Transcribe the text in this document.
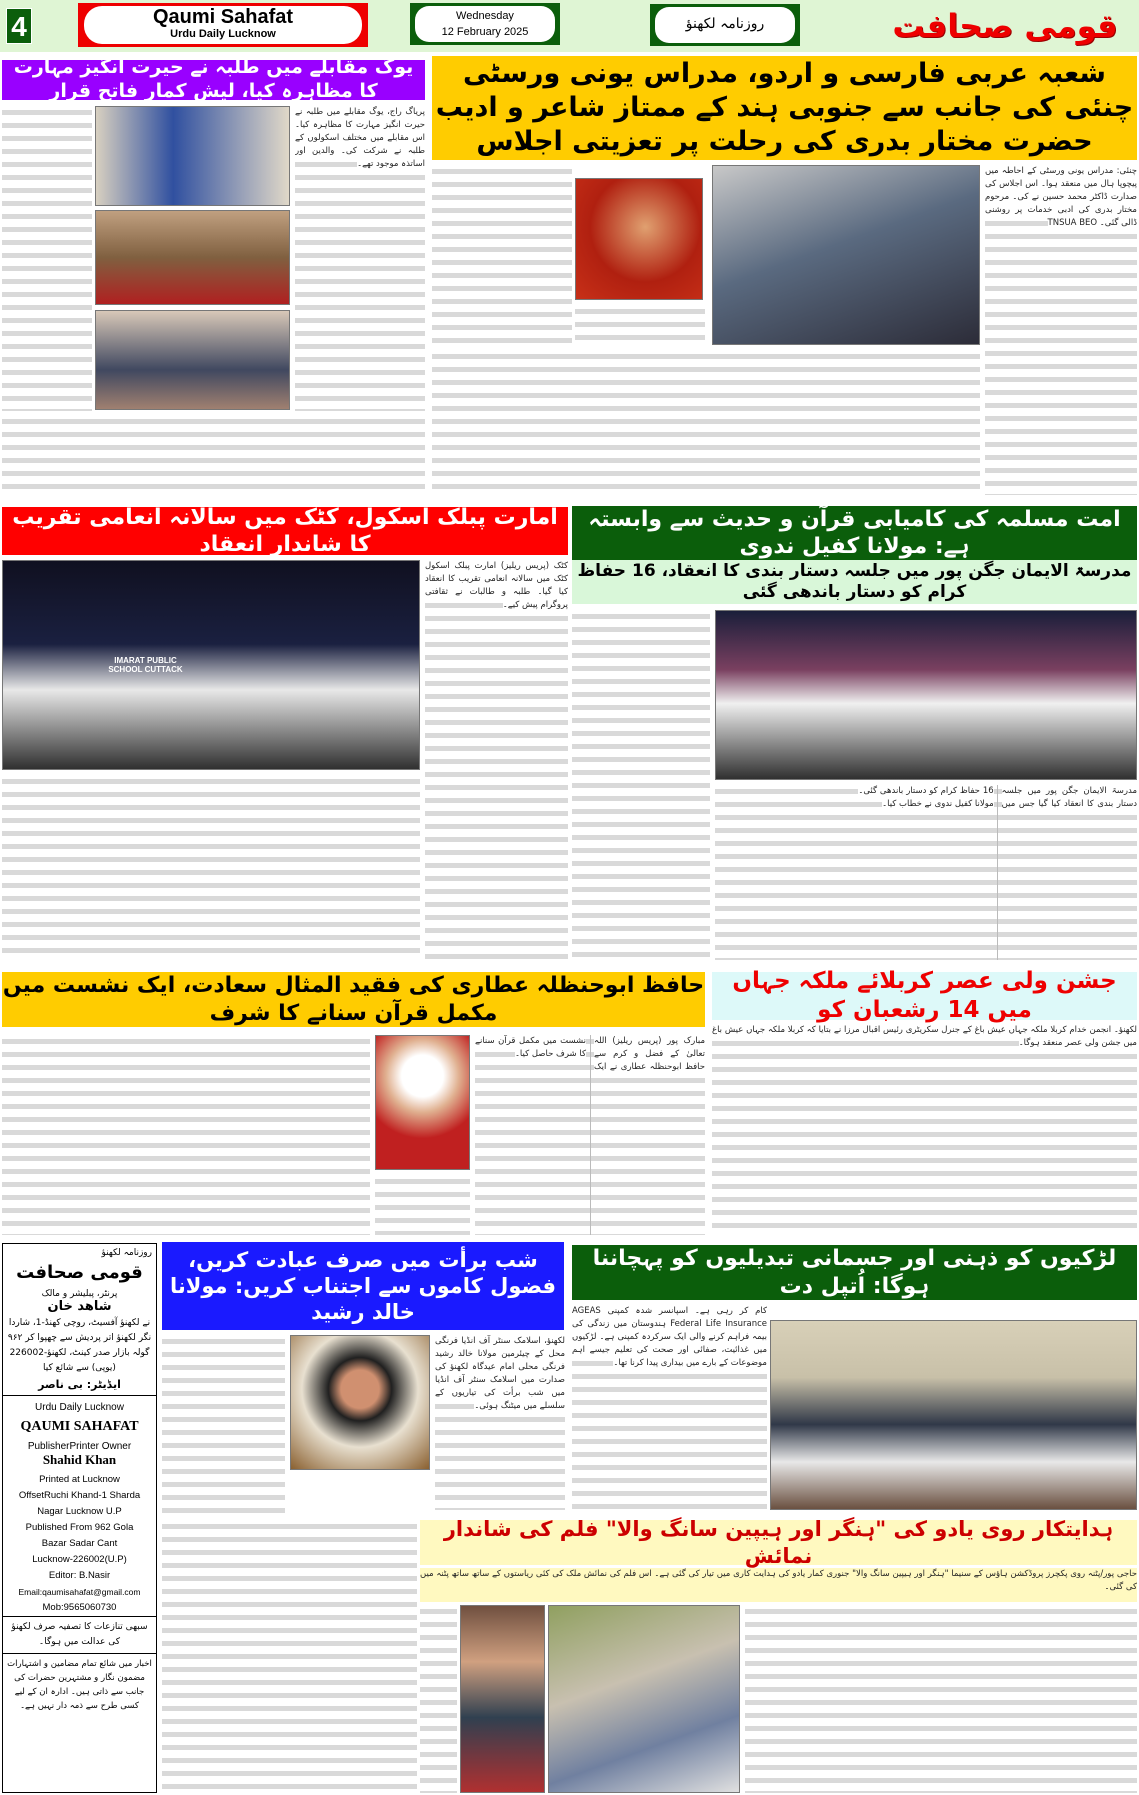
4	Qaumi Sahafat
Urdu Daily Lucknow
Wednesday
12 February 2025	روزنامہ لکھنؤ	قومی صحافت
شعبہ عربی فارسی و اردو، مدراس یونی ورسٹی چنئی کی جانب سے جنوبی ہند کے ممتاز شاعر و ادیب حضرت مختار بدری کی رحلت پر تعزیتی اجلاس
چنئی: مدراس یونی ورسٹی کے احاطہ میں پیچوپا ہال میں منعقد ہوا۔ اس اجلاس کی صدارت ڈاکٹر محمد حسین نے کی۔ مرحوم مختار بدری کی ادبی خدمات پر روشنی ڈالی گئی۔ TNSUA BEO
یوگ مقابلے میں طلبہ نے حیرت انگیز مہارت کا مظاہرہ کیا، لیش کمار فاتح قرار
پریاگ راج، یوگ مقابلے میں طلبہ نے حیرت انگیز مہارت کا مظاہرہ کیا۔ اس مقابلے میں مختلف اسکولوں کے طلبہ نے شرکت کی۔ والدین اور اساتذہ موجود تھے۔
امت مسلمہ کی کامیابی قرآن و حدیث سے وابستہ ہے: مولانا کفیل ندوی
مدرسۃ الایمان جگن پور میں جلسہ دستار بندی کا انعقاد، 16 حفاظ کرام کو دستار باندھی گئی
مدرسۃ الایمان جگن پور میں جلسہ دستار بندی کا انعقاد کیا گیا جس میں 16 حفاظ کرام کو دستار باندھی گئی۔ مولانا کفیل ندوی نے خطاب کیا۔
امارت پبلک اسکول، کٹک میں سالانہ انعامی تقریب کا شاندار انعقاد
IMARAT PUBLIC SCHOOL CUTTACK
کٹک (پریس ریلیز) امارت پبلک اسکول کٹک میں سالانہ انعامی تقریب کا انعقاد کیا گیا۔ طلبہ و طالبات نے ثقافتی پروگرام پیش کیے۔
جشن ولی عصر کربلائے ملکہ جہاں میں 14 رشعبان کو
لکھنؤ۔ انجمن خدام کربلا ملکہ جہاں عیش باغ کے جنرل سکریٹری رئیس اقبال مرزا نے بتایا کہ کربلا ملکہ جہاں عیش باغ میں جشن ولی عصر منعقد ہوگا۔
حافظ ابوحنظلہ عطاری کی فقید المثال سعادت، ایک نشست میں مکمل قرآن سنانے کا شرف
مبارک پور (پریس ریلیز) اللہ تعالیٰ کے فضل و کرم سے حافظ ابوحنظلہ عطاری نے ایک نشست میں مکمل قرآن سنانے کا شرف حاصل کیا۔
روزنامہ لکھنؤ
قومی صحافت
پرنٹر، پبلیشر و مالک
شاھد خان
نے لکھنؤ آفسیٹ، روچی کھنڈ-1، شاردا نگر لکھنؤ اتر پردیش سے چھپوا کر ۹۶۲ گولہ بازار صدر کینٹ، لکھنؤ-226002 (یوپی) سے شائع کیا
ایڈیٹر: بی ناصر
Urdu Daily Lucknow
QAUMI SAHAFAT
PublisherPrinter Owner
Shahid Khan
Printed at Lucknow
OffsetRuchi Khand-1 Sharda
Nagar Lucknow U.P
Published From 962 Gola
Bazar Sadar Cant
Lucknow-226002(U.P)
Editor: B.Nasir
Email:qaumisahafat@gmail.com
Mob:9565060730
سبھی تنازعات کا تصفیہ صرف لکھنؤ کی عدالت میں ہوگا۔
اخبار میں شائع تمام مضامین و اشتہارات مضمون نگار و مشتہرین حضرات کی جانب سے ذاتی ہیں۔ ادارہ ان کے لیے کسی طرح سے ذمہ دار نہیں ہے۔
شب برأت میں صرف عبادت کریں، فضول کاموں سے اجتناب کریں: مولانا خالد رشید
لکھنؤ، اسلامک سنٹر آف انڈیا فرنگی محل کے چیئرمین مولانا خالد رشید فرنگی محلی امام عیدگاہ لکھنؤ کی صدارت میں اسلامک سنٹر آف انڈیا میں شب برأت کی تیاریوں کے سلسلے میں میٹنگ ہوئی۔
لڑکیوں کو ذہنی اور جسمانی تبدیلیوں کو پہچاننا ہوگا: اُتپل دت
کام کر رہی ہے۔ اسپانسر شدہ کمپنی AGEAS Federal Life Insurance ہندوستان میں زندگی کی بیمہ فراہم کرنے والی ایک سرکردہ کمپنی ہے۔ لڑکیوں میں غذائیت، صفائی اور صحت کی تعلیم جیسے اہم موضوعات کے بارے میں بیداری پیدا کرنا تھا۔
ہدایتکار روی یادو کی "ہنگر اور ہیپین سانگ والا" فلم کی شاندار نمائش
حاجی پور/پٹنہ روی پکچرز پروڈکشن ہاؤس کے سنیما "ہنگر اور ہیپین سانگ والا" جنوری کمار یادو کی ہدایت کاری میں تیار کی گئی ہے۔ اس فلم کی نمائش ملک کی کئی ریاستوں کے ساتھ ساتھ پٹنہ میں کی گئی۔
